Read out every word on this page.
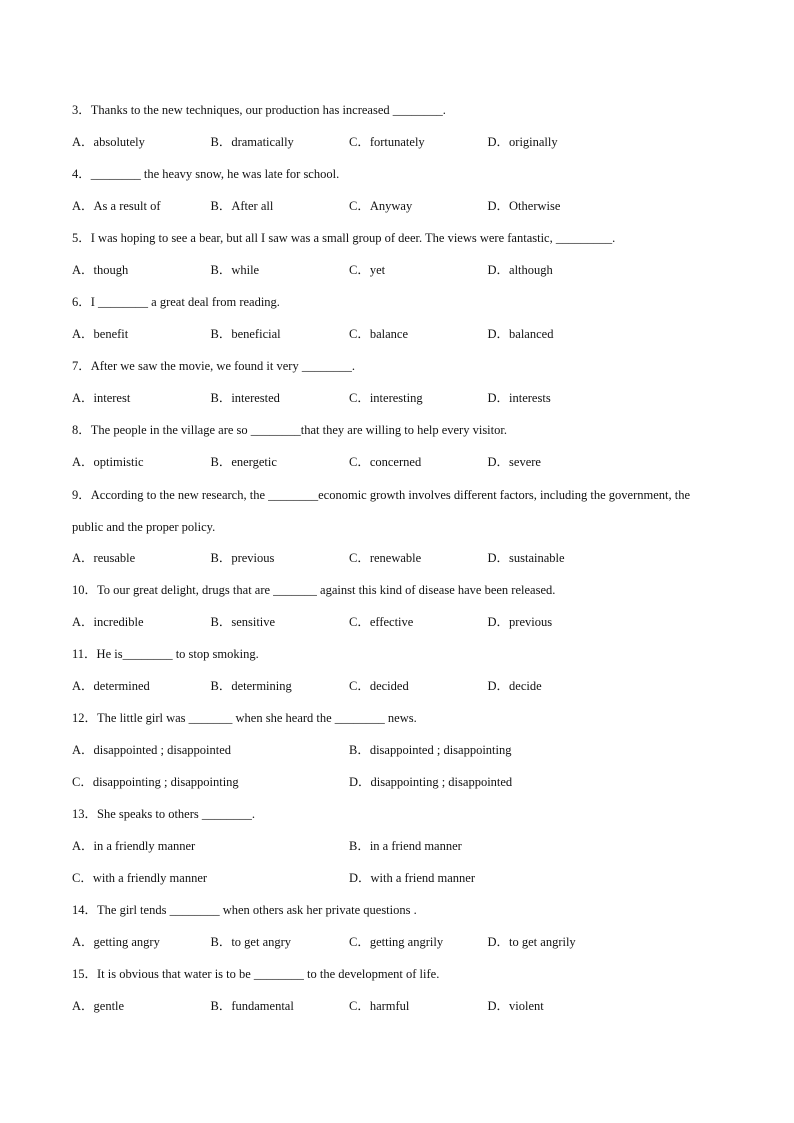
3．Thanks to the new techniques, our production has increased ________.
A．absolutely	B．dramatically	C．fortunately	D．originally
4．________ the heavy snow, he was late for school.
A．As a result of	B．After all	C．Anyway	D．Otherwise
5．I was hoping to see a bear, but all I saw was a small group of deer. The views were fantastic, _________.
A．though	B．while	C．yet	D．although
6．I ________ a great deal from reading.
A．benefit	B．beneficial	C．balance	D．balanced
7．After we saw the movie, we found it very ________.
A．interest	B．interested	C．interesting	D．interests
8．The people in the village are so ________that they are willing to help every visitor.
A．optimistic	B．energetic	C．concerned	D．severe
9．According to the new research, the ________economic growth involves different factors, including the government, the public and the proper policy.
A．reusable	B．previous	C．renewable	D．sustainable
10．To our great delight, drugs that are _______ against this kind of disease have been released.
A．incredible	B．sensitive	C．effective	D．previous
11．He is________ to stop smoking.
A．determined	B．determining	C．decided	D．decide
12．The little girl was _______ when she heard the ________ news.
A．disappointed ; disappointed	B．disappointed ; disappointing
C．disappointing ; disappointing	D．disappointing ; disappointed
13．She speaks to others ________.
A．in a friendly manner	B．in a friend manner
C．with a friendly manner	D．with a friend manner
14．The girl tends ________ when others ask her private questions .
A．getting angry	B．to get angry	C．getting angrily	D．to get angrily
15．It is obvious that water is to be ________ to the development of life.
A．gentle	B．fundamental	C．harmful	D．violent
